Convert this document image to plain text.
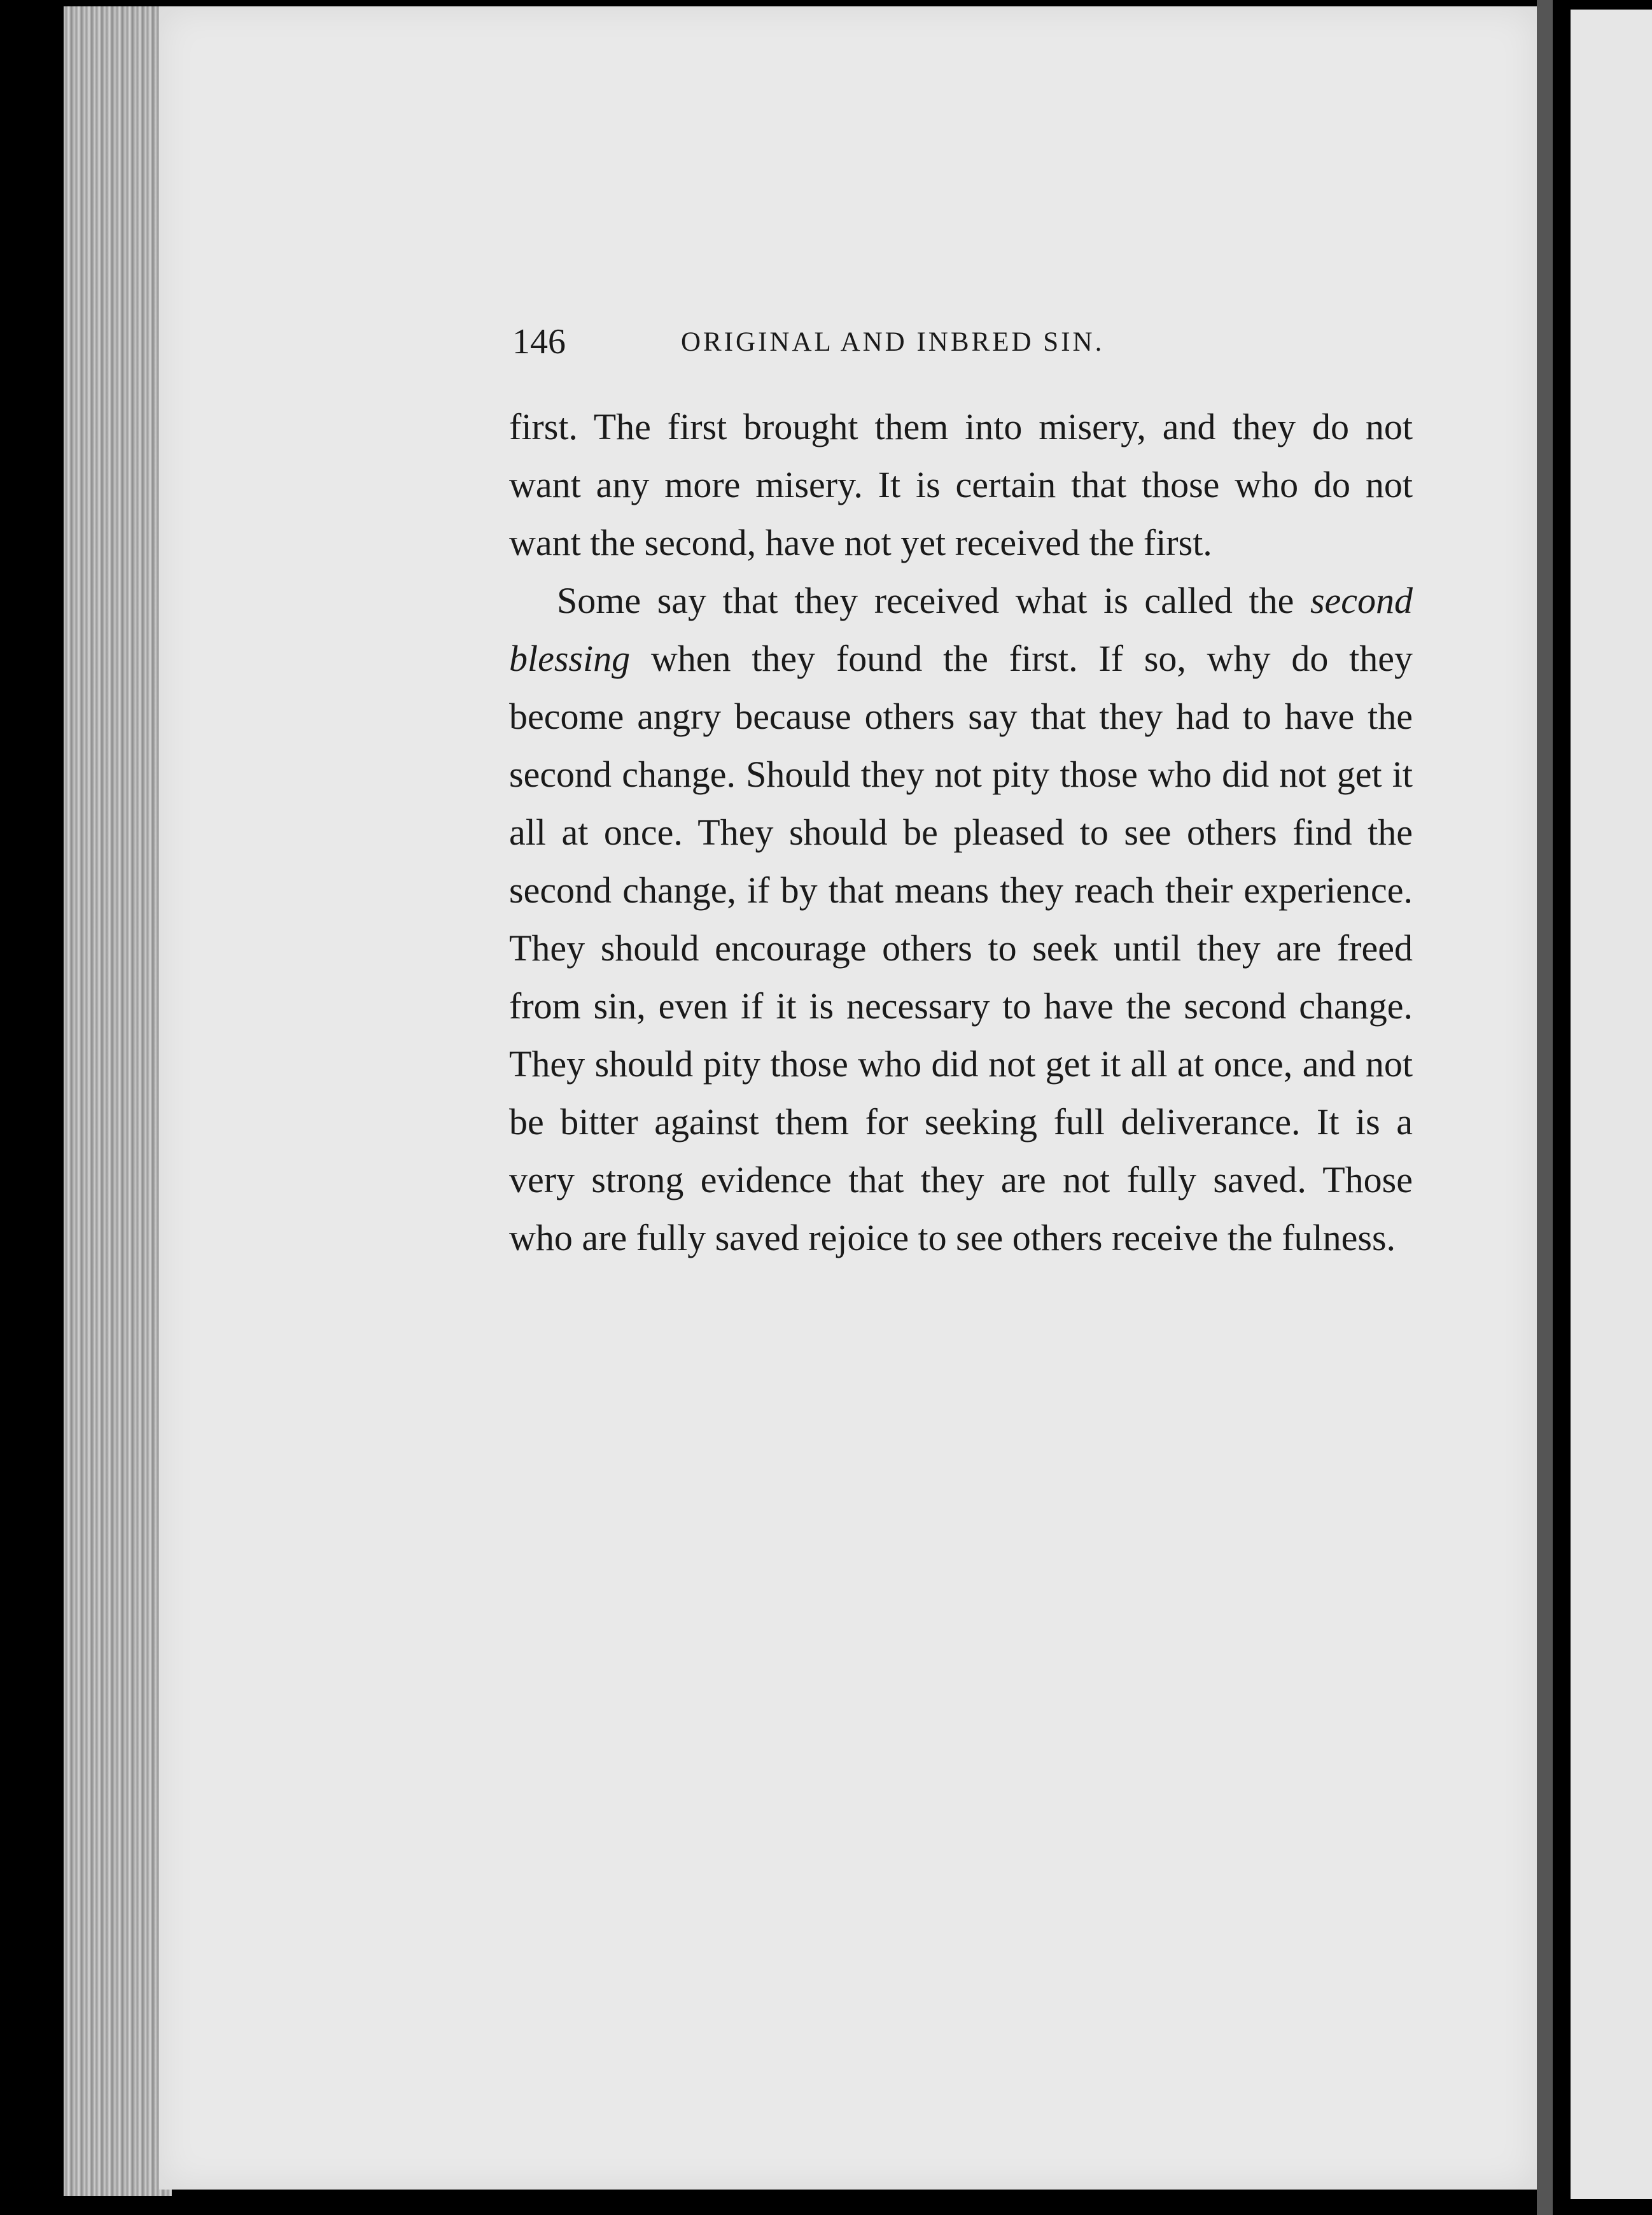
146	ORIGINAL AND INBRED SIN.

first. The first brought them into misery, and they do not want any more misery. It is certain that those who do not want the second, have not yet received the first.

Some say that they received what is called the second blessing when they found the first. If so, why do they become angry because others say that they had to have the second change. Should they not pity those who did not get it all at once. They should be pleased to see others find the second change, if by that means they reach their experience. They should encourage others to seek until they are freed from sin, even if it is necessary to have the second change. They should pity those who did not get it all at once, and not be bitter against them for seeking full deliverance. It is a very strong evidence that they are not fully saved. Those who are fully saved rejoice to see others receive the fulness.
